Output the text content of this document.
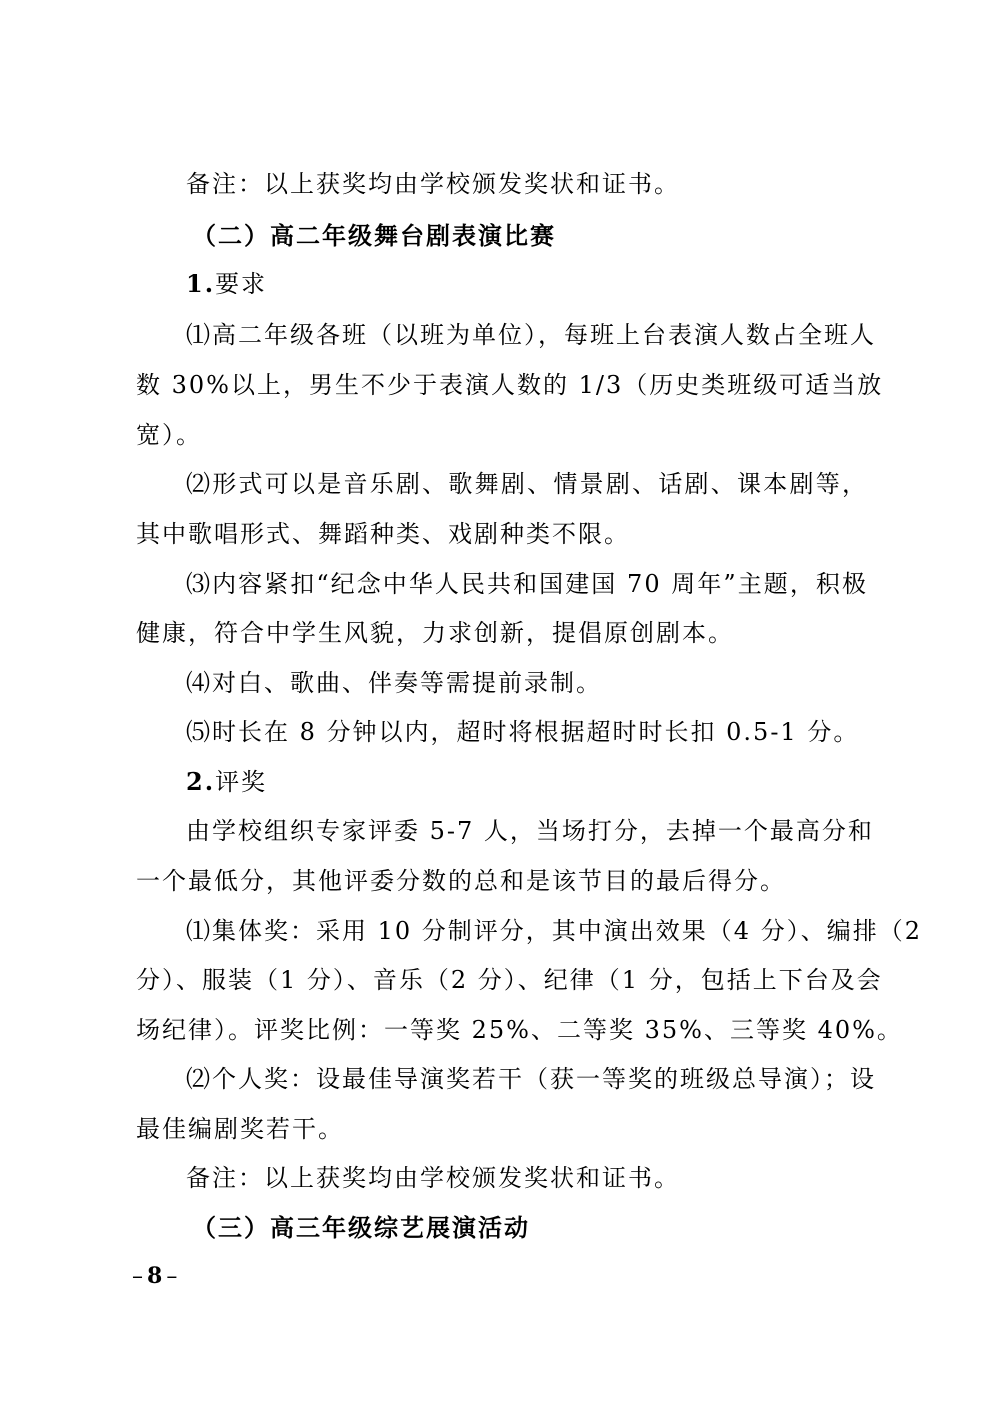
备注：以上获奖均由学校颁发奖状和证书。
（二）高二年级舞台剧表演比赛
1.要求
⑴高二年级各班（以班为单位），每班上台表演人数占全班人
数 30%以上，男生不少于表演人数的 1/3（历史类班级可适当放
宽）。
⑵形式可以是音乐剧、歌舞剧、情景剧、话剧、课本剧等，
其中歌唱形式、舞蹈种类、戏剧种类不限。
⑶内容紧扣“纪念中华人民共和国建国 70 周年”主题，积极
健康，符合中学生风貌，力求创新，提倡原创剧本。
⑷对白、歌曲、伴奏等需提前录制。
⑸时长在 8 分钟以内，超时将根据超时时长扣 0.5-1 分。
2.评奖
由学校组织专家评委 5-7 人，当场打分，去掉一个最高分和
一个最低分，其他评委分数的总和是该节目的最后得分。
⑴集体奖：采用 10 分制评分，其中演出效果（4 分）、编排（2
分）、服装（1 分）、音乐（2 分）、纪律（1 分，包括上下台及会
场纪律）。评奖比例：一等奖 25%、二等奖 35%、三等奖 40%。
⑵个人奖：设最佳导演奖若干（获一等奖的班级总导演）；设
最佳编剧奖若干。
备注：以上获奖均由学校颁发奖状和证书。
（三）高三年级综艺展演活动
– 8 –
